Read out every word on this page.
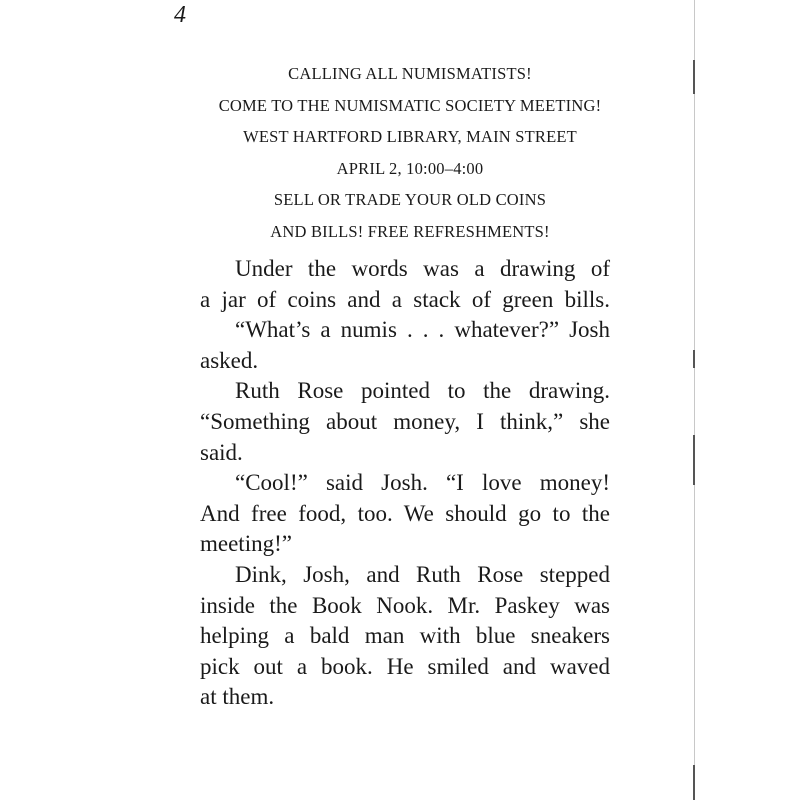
4
CALLING ALL NUMISMATISTS!
COME TO THE NUMISMATIC SOCIETY MEETING!
WEST HARTFORD LIBRARY, MAIN STREET
APRIL 2, 10:00–4:00
SELL OR TRADE YOUR OLD COINS
AND BILLS! FREE REFRESHMENTS!
Under the words was a drawing of
a jar of coins and a stack of green bills.
“What’s a numis . . . whatever?” Josh
asked.
Ruth Rose pointed to the drawing.
“Something about money, I think,” she
said.
“Cool!” said Josh. “I love money!
And free food, too. We should go to the
meeting!”
Dink, Josh, and Ruth Rose stepped
inside the Book Nook. Mr. Paskey was
helping a bald man with blue sneakers
pick out a book. He smiled and waved
at them.
